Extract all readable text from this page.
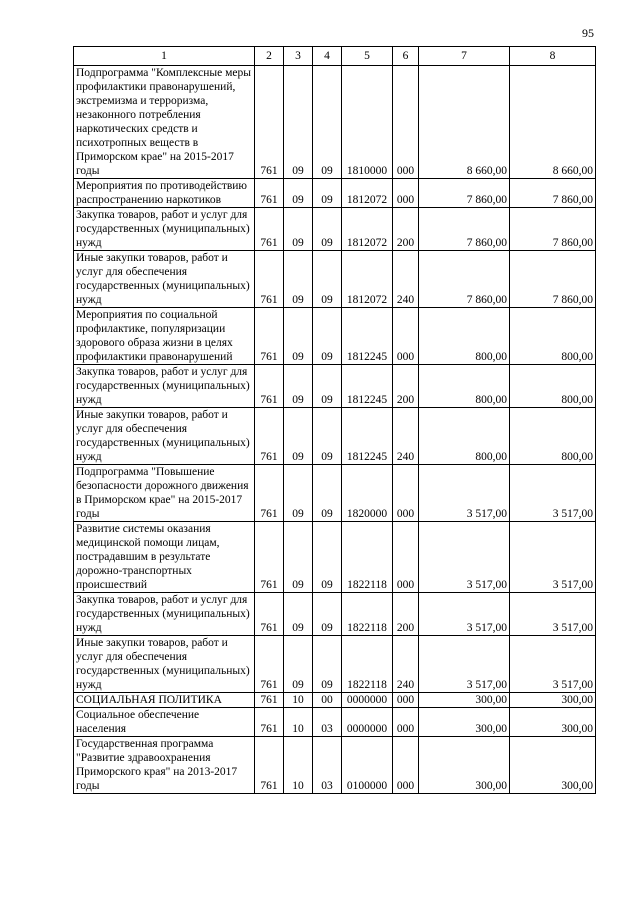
95
1	2	3	4	5	6	7	8
Подпрограмма "Комплексные меры профилактики правонарушений, экстремизма и терроризма, незаконного потребления наркотических средств и психотропных веществ в Приморском крае" на 2015-2017 годы	761	09	09	1810000	000	8 660,00	8 660,00
Мероприятия по противодействию распространению наркотиков	761	09	09	1812072	000	7 860,00	7 860,00
Закупка товаров, работ и услуг для государственных (муниципальных) нужд	761	09	09	1812072	200	7 860,00	7 860,00
Иные закупки товаров, работ и услуг для обеспечения государственных (муниципальных) нужд	761	09	09	1812072	240	7 860,00	7 860,00
Мероприятия по социальной профилактике, популяризации здорового образа жизни в целях профилактики правонарушений	761	09	09	1812245	000	800,00	800,00
Закупка товаров, работ и услуг для государственных (муниципальных) нужд	761	09	09	1812245	200	800,00	800,00
Иные закупки товаров, работ и услуг для обеспечения государственных (муниципальных) нужд	761	09	09	1812245	240	800,00	800,00
Подпрограмма "Повышение безопасности дорожного движения в Приморском крае" на 2015-2017 годы	761	09	09	1820000	000	3 517,00	3 517,00
Развитие системы оказания медицинской помощи лицам, пострадавшим в результате дорожно-транспортных происшествий	761	09	09	1822118	000	3 517,00	3 517,00
Закупка товаров, работ и услуг для государственных (муниципальных) нужд	761	09	09	1822118	200	3 517,00	3 517,00
Иные закупки товаров, работ и услуг для обеспечения государственных (муниципальных) нужд	761	09	09	1822118	240	3 517,00	3 517,00
СОЦИАЛЬНАЯ ПОЛИТИКА	761	10	00	0000000	000	300,00	300,00
Социальное обеспечение населения	761	10	03	0000000	000	300,00	300,00
Государственная программа "Развитие здравоохранения Приморского края" на 2013-2017 годы	761	10	03	0100000	000	300,00	300,00
